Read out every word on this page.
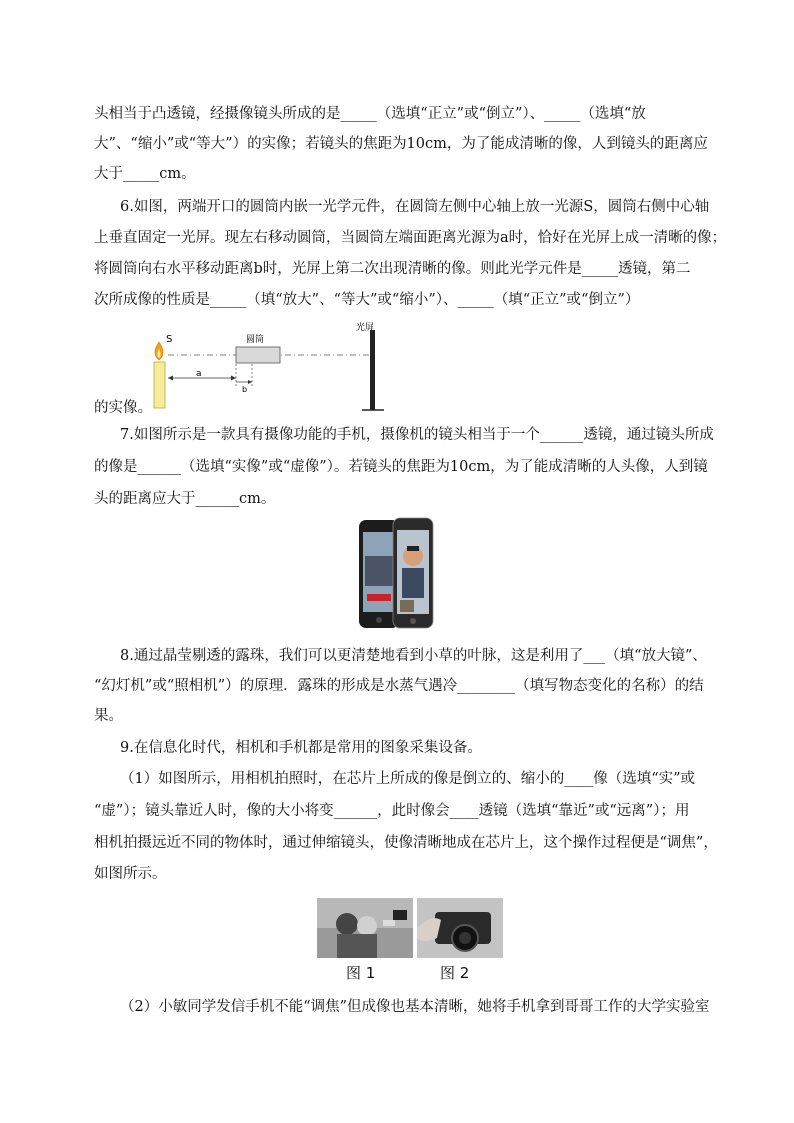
头相当于凸透镜，经摄像镜头所成的是_____（选填“正立”或“倒立”）、_____（选填“放
大”、“缩小”或“等大”）的实像；若镜头的焦距为10cm，为了能成清晰的像，人到镜头的距离应
大于_____cm。
6.如图，两端开口的圆筒内嵌一光学元件，在圆筒左侧中心轴上放一光源S，圆筒右侧中心轴
上垂直固定一光屏。现左右移动圆筒，当圆筒左端面距离光源为a时，恰好在光屏上成一清晰的像；
将圆筒向右水平移动距离b时，光屏上第二次出现清晰的像。则此光学元件是_____透镜，第二
次所成像的性质是_____（填“放大”、“等大”或“缩小”）、_____（填“正立”或“倒立”）
S	圆筒
光屏
a
b
的实像。
7.如图所示是一款具有摄像功能的手机，摄像机的镜头相当于一个______透镜，通过镜头所成
的像是______（选填“实像”或“虚像”）。若镜头的焦距为10cm，为了能成清晰的人头像，人到镜
头的距离应大于______cm。
8.通过晶莹剔透的露珠，我们可以更清楚地看到小草的叶脉，这是利用了___（填“放大镜”、
“幻灯机”或“照相机”）的原理．露珠的形成是水蒸气遇冷________（填写物态变化的名称）的结
果。
9.在信息化时代，相机和手机都是常用的图象采集设备。
（1）如图所示，用相机拍照时，在芯片上所成的像是倒立的、缩小的____像（选填“实”或
“虚”）；镜头靠近人时，像的大小将变______，此时像会____透镜（选填“靠近”或“远离”）；用
相机拍摄远近不同的物体时，通过伸缩镜头，使像清晰地成在芯片上，这个操作过程便是“调焦”，
如图所示。
图 1	图 2
（2）小敏同学发信手机不能“调焦”但成像也基本清晰，她将手机拿到哥哥工作的大学实验室
